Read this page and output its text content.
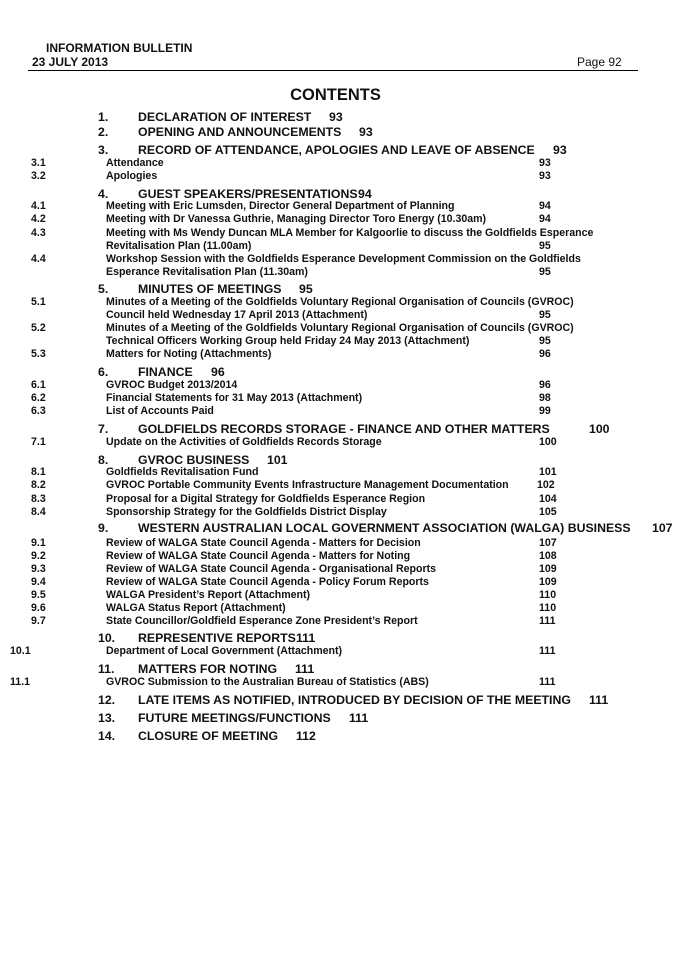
INFORMATION BULLETIN
23 JULY 2013	Page 92
CONTENTS
1. DECLARATION OF INTEREST 93
2. OPENING AND ANNOUNCEMENTS 93
3. RECORD OF ATTENDANCE, APOLOGIES AND LEAVE OF ABSENCE 93
3.1	Attendance	93
3.2	Apologies	93
4. GUEST SPEAKERS/PRESENTATIONS 94
4.1	Meeting with Eric Lumsden, Director General Department of Planning	94
4.2	Meeting with Dr Vanessa Guthrie, Managing Director Toro Energy (10.30am)	94
4.3	Meeting with Ms Wendy Duncan MLA Member for Kalgoorlie to discuss the Goldfields Esperance
Revitalisation Plan (11.00am)	95
4.4	Workshop Session with the Goldfields Esperance Development Commission on the Goldfields
Esperance Revitalisation Plan (11.30am)	95
5. MINUTES OF MEETINGS 95
5.1	Minutes of a Meeting of the Goldfields Voluntary Regional Organisation of Councils (GVROC)
Council held Wednesday 17 April 2013 (Attachment)	95
5.2	Minutes of a Meeting of the Goldfields Voluntary Regional Organisation of Councils (GVROC)
Technical Officers Working Group held Friday 24 May 2013 (Attachment)	95
5.3	Matters for Noting (Attachments)	96
6. FINANCE 96
6.1	GVROC Budget 2013/2014	96
6.2	Financial Statements for 31 May 2013 (Attachment)	98
6.3	List of Accounts Paid	99
7. GOLDFIELDS RECORDS STORAGE - FINANCE AND OTHER MATTERS	100
7.1	Update on the Activities of Goldfields Records Storage	100
8. GVROC BUSINESS 101
8.1	Goldfields Revitalisation Fund	101
8.2	GVROC Portable Community Events Infrastructure Management Documentation	102
8.3	Proposal for a Digital Strategy for Goldfields Esperance Region	104
8.4	Sponsorship Strategy for the Goldfields District Display	105
9. WESTERN AUSTRALIAN LOCAL GOVERNMENT ASSOCIATION (WALGA) BUSINESS 107
9.1	Review of WALGA State Council Agenda - Matters for Decision	107
9.2	Review of WALGA State Council Agenda - Matters for Noting	108
9.3	Review of WALGA State Council Agenda - Organisational Reports	109
9.4	Review of WALGA State Council Agenda - Policy Forum Reports	109
9.5	WALGA President’s Report (Attachment)	110
9.6	WALGA Status Report (Attachment)	110
9.7	State Councillor/Goldfield Esperance Zone President’s Report	111
10. REPRESENTIVE REPORTS 111
10.1	Department of Local Government (Attachment)	111
11. MATTERS FOR NOTING 111
11.1	GVROC Submission to the Australian Bureau of Statistics (ABS)	111
12. LATE ITEMS AS NOTIFIED, INTRODUCED BY DECISION OF THE MEETING 111
13. FUTURE MEETINGS/FUNCTIONS 111
14. CLOSURE OF MEETING 112
